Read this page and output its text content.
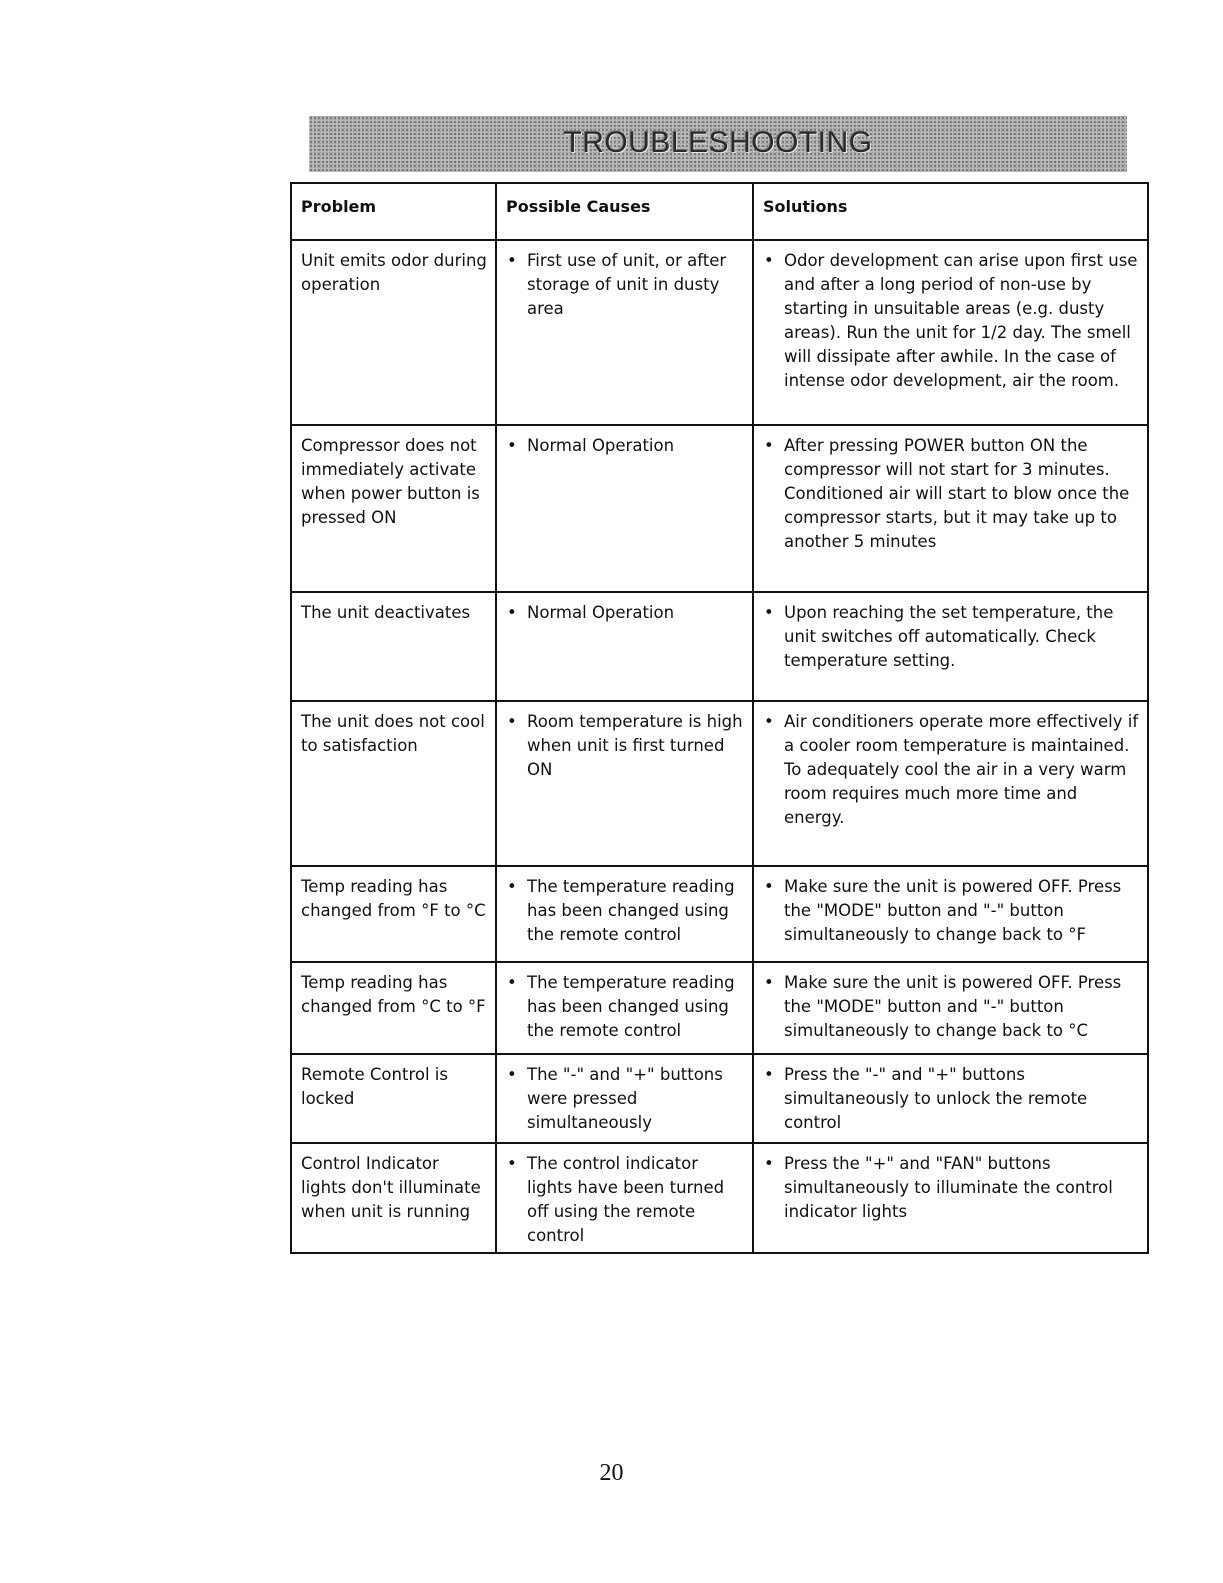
TROUBLESHOOTING
Problem	Possible Causes	Solutions
Unit emits odor during operation	• First use of unit, or after storage of unit in dusty area	• Odor development can arise upon first use and after a long period of non-use by starting in unsuitable areas (e.g. dusty areas). Run the unit for 1/2 day. The smell will dissipate after awhile. In the case of intense odor development, air the room.

Compressor does not immediately activate when power button is pressed ON	• Normal Operation	• After pressing POWER button ON the compressor will not start for 3 minutes. Conditioned air will start to blow once the compressor starts, but it may take up to another 5 minutes

The unit deactivates	• Normal Operation	• Upon reaching the set temperature, the unit switches off automatically. Check temperature setting.

The unit does not cool to satisfaction	• Room temperature is high when unit is first turned ON	• Air conditioners operate more effectively if a cooler room temperature is maintained. To adequately cool the air in a very warm room requires much more time and energy.

Temp reading has changed from °F to °C	• The temperature reading has been changed using the remote control	• Make sure the unit is powered OFF. Press the "MODE" button and "-" button simultaneously to change back to °F

Temp reading has changed from °C to °F	• The temperature reading has been changed using the remote control	• Make sure the unit is powered OFF. Press the "MODE" button and "-" button simultaneously to change back to °C

Remote Control is locked	• The "-" and "+" buttons were pressed simultaneously	• Press the "-" and "+" buttons simultaneously to unlock the remote control

Control Indicator lights don't illuminate when unit is running	• The control indicator lights have been turned off using the remote control	• Press the "+" and "FAN" buttons simultaneously to illuminate the control indicator lights
20
